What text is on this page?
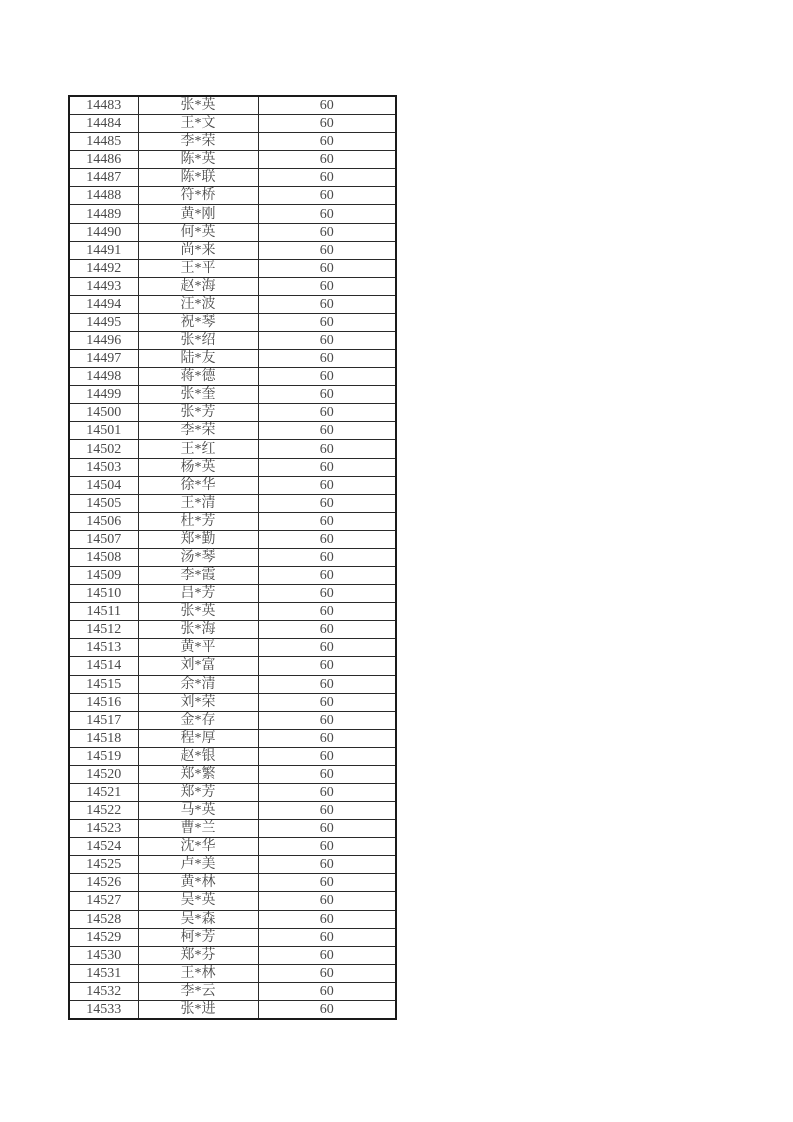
14483	张*英	60
14484	王*文	60
14485	李*荣	60
14486	陈*英	60
14487	陈*联	60
14488	符*桥	60
14489	黄*刚	60
14490	何*英	60
14491	尚*来	60
14492	王*平	60
14493	赵*海	60
14494	汪*波	60
14495	祝*琴	60
14496	张*绍	60
14497	陆*友	60
14498	蒋*德	60
14499	张*奎	60
14500	张*芳	60
14501	李*荣	60
14502	王*红	60
14503	杨*英	60
14504	徐*华	60
14505	王*清	60
14506	杜*芳	60
14507	郑*勤	60
14508	汤*琴	60
14509	李*霞	60
14510	吕*芳	60
14511	张*英	60
14512	张*海	60
14513	黄*平	60
14514	刘*富	60
14515	余*清	60
14516	刘*荣	60
14517	金*存	60
14518	程*厚	60
14519	赵*银	60
14520	郑*繁	60
14521	郑*芳	60
14522	马*英	60
14523	曹*兰	60
14524	沈*华	60
14525	卢*美	60
14526	黄*林	60
14527	吴*英	60
14528	吴*森	60
14529	柯*芳	60
14530	郑*芬	60
14531	王*林	60
14532	李*云	60
14533	张*进	60
